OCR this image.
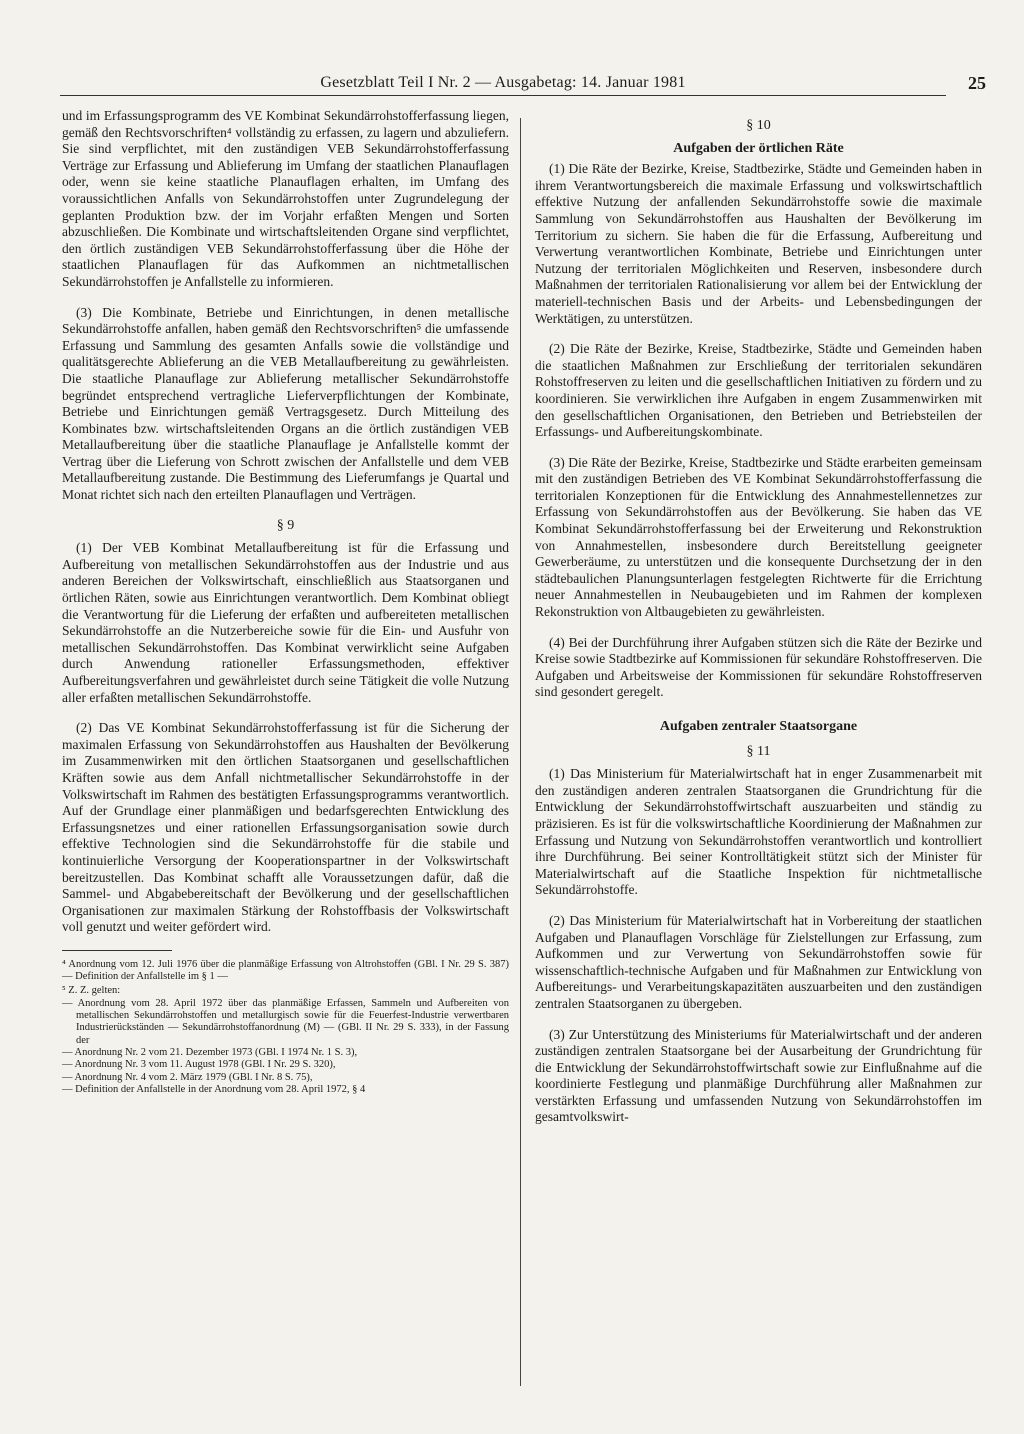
Gesetzblatt Teil I Nr. 2 — Ausgabetag: 14. Januar 1981	25

und im Erfassungsprogramm des VE Kombinat Sekundärrohstofferfassung liegen, gemäß den Rechtsvorschriften⁴ vollständig zu erfassen, zu lagern und abzuliefern. Sie sind verpflichtet, mit den zuständigen VEB Sekundärrohstofferfassung Verträge zur Erfassung und Ablieferung im Umfang der staatlichen Planauflagen oder, wenn sie keine staatliche Planauflagen erhalten, im Umfang des voraussichtlichen Anfalls von Sekundärrohstoffen unter Zugrundelegung der geplanten Produktion bzw. der im Vorjahr erfaßten Mengen und Sorten abzuschließen. Die Kombinate und wirtschaftsleitenden Organe sind verpflichtet, den örtlich zuständigen VEB Sekundärrohstofferfassung über die Höhe der staatlichen Planauflagen für das Aufkommen an nichtmetallischen Sekundärrohstoffen je Anfallstelle zu informieren.

(3) Die Kombinate, Betriebe und Einrichtungen, in denen metallische Sekundärrohstoffe anfallen, haben gemäß den Rechtsvorschriften⁵ die umfassende Erfassung und Sammlung des gesamten Anfalls sowie die vollständige und qualitätsgerechte Ablieferung an die VEB Metallaufbereitung zu gewährleisten. Die staatliche Planauflage zur Ablieferung metallischer Sekundärrohstoffe begründet entsprechend vertragliche Lieferverpflichtungen der Kombinate, Betriebe und Einrichtungen gemäß Vertragsgesetz. Durch Mitteilung des Kombinates bzw. wirtschaftsleitenden Organs an die örtlich zuständigen VEB Metallaufbereitung über die staatliche Planauflage je Anfallstelle kommt der Vertrag über die Lieferung von Schrott zwischen der Anfallstelle und dem VEB Metallaufbereitung zustande. Die Bestimmung des Lieferumfangs je Quartal und Monat richtet sich nach den erteilten Planauflagen und Verträgen.

§ 9

(1) Der VEB Kombinat Metallaufbereitung ist für die Erfassung und Aufbereitung von metallischen Sekundärrohstoffen aus der Industrie und aus anderen Bereichen der Volkswirtschaft, einschließlich aus Staatsorganen und örtlichen Räten, sowie aus Einrichtungen verantwortlich. Dem Kombinat obliegt die Verantwortung für die Lieferung der erfaßten und aufbereiteten metallischen Sekundärrohstoffe an die Nutzerbereiche sowie für die Ein- und Ausfuhr von metallischen Sekundärrohstoffen. Das Kombinat verwirklicht seine Aufgaben durch Anwendung rationeller Erfassungsmethoden, effektiver Aufbereitungsverfahren und gewährleistet durch seine Tätigkeit die volle Nutzung aller erfaßten metallischen Sekundärrohstoffe.

(2) Das VE Kombinat Sekundärrohstofferfassung ist für die Sicherung der maximalen Erfassung von Sekundärrohstoffen aus Haushalten der Bevölkerung im Zusammenwirken mit den örtlichen Staatsorganen und gesellschaftlichen Kräften sowie aus dem Anfall nichtmetallischer Sekundärrohstoffe in der Volkswirtschaft im Rahmen des bestätigten Erfassungsprogramms verantwortlich. Auf der Grundlage einer planmäßigen und bedarfsgerechten Entwicklung des Erfassungsnetzes und einer rationellen Erfassungsorganisation sowie durch effektive Technologien sind die Sekundärrohstoffe für die stabile und kontinuierliche Versorgung der Kooperationspartner in der Volkswirtschaft bereitzustellen. Das Kombinat schafft alle Voraussetzungen dafür, daß die Sammel- und Abgabebereitschaft der Bevölkerung und der gesellschaftlichen Organisationen zur maximalen Stärkung der Rohstoffbasis der Volkswirtschaft voll genutzt und weiter gefördert wird.

⁴ Anordnung vom 12. Juli 1976 über die planmäßige Erfassung von Altrohstoffen (GBl. I Nr. 29 S. 387) — Definition der Anfallstelle im § 1 —
⁵ Z. Z. gelten:
— Anordnung vom 28. April 1972 über das planmäßige Erfassen, Sammeln und Aufbereiten von metallischen Sekundärrohstoffen und metallurgisch sowie für die Feuerfest-Industrie verwertbaren Industrierückständen — Sekundärrohstoffanordnung (M) — (GBl. II Nr. 29 S. 333), in der Fassung der
— Anordnung Nr. 2 vom 21. Dezember 1973 (GBl. I 1974 Nr. 1 S. 3),
— Anordnung Nr. 3 vom 11. August 1978 (GBl. I Nr. 29 S. 320),
— Anordnung Nr. 4 vom 2. März 1979 (GBl. I Nr. 8 S. 75),
— Definition der Anfallstelle in der Anordnung vom 28. April 1972, § 4
§ 10
Aufgaben der örtlichen Räte

(1) Die Räte der Bezirke, Kreise, Stadtbezirke, Städte und Gemeinden haben in ihrem Verantwortungsbereich die maximale Erfassung und volkswirtschaftlich effektive Nutzung der anfallenden Sekundärrohstoffe sowie die maximale Sammlung von Sekundärrohstoffen aus Haushalten der Bevölkerung im Territorium zu sichern. Sie haben die für die Erfassung, Aufbereitung und Verwertung verantwortlichen Kombinate, Betriebe und Einrichtungen unter Nutzung der territorialen Möglichkeiten und Reserven, insbesondere durch Maßnahmen der territorialen Rationalisierung vor allem bei der Entwicklung der materiell-technischen Basis und der Arbeits- und Lebensbedingungen der Werktätigen, zu unterstützen.

(2) Die Räte der Bezirke, Kreise, Stadtbezirke, Städte und Gemeinden haben die staatlichen Maßnahmen zur Erschließung der territorialen sekundären Rohstoffreserven zu leiten und die gesellschaftlichen Initiativen zu fördern und zu koordinieren. Sie verwirklichen ihre Aufgaben in engem Zusammenwirken mit den gesellschaftlichen Organisationen, den Betrieben und Betriebsteilen der Erfassungs- und Aufbereitungskombinate.

(3) Die Räte der Bezirke, Kreise, Stadtbezirke und Städte erarbeiten gemeinsam mit den zuständigen Betrieben des VE Kombinat Sekundärrohstofferfassung die territorialen Konzeptionen für die Entwicklung des Annahmestellennetzes zur Erfassung von Sekundärrohstoffen aus der Bevölkerung. Sie haben das VE Kombinat Sekundärrohstofferfassung bei der Erweiterung und Rekonstruktion von Annahmestellen, insbesondere durch Bereitstellung geeigneter Gewerberäume, zu unterstützen und die konsequente Durchsetzung der in den städtebaulichen Planungsunterlagen festgelegten Richtwerte für die Errichtung neuer Annahmestellen in Neubaugebieten und im Rahmen der komplexen Rekonstruktion von Altbaugebieten zu gewährleisten.

(4) Bei der Durchführung ihrer Aufgaben stützen sich die Räte der Bezirke und Kreise sowie Stadtbezirke auf Kommissionen für sekundäre Rohstoffreserven. Die Aufgaben und Arbeitsweise der Kommissionen für sekundäre Rohstoffreserven sind gesondert geregelt.

Aufgaben zentraler Staatsorgane
§ 11

(1) Das Ministerium für Materialwirtschaft hat in enger Zusammenarbeit mit den zuständigen anderen zentralen Staatsorganen die Grundrichtung für die Entwicklung der Sekundärrohstoffwirtschaft auszuarbeiten und ständig zu präzisieren. Es ist für die volkswirtschaftliche Koordinierung der Maßnahmen zur Erfassung und Nutzung von Sekundärrohstoffen verantwortlich und kontrolliert ihre Durchführung. Bei seiner Kontrolltätigkeit stützt sich der Minister für Materialwirtschaft auf die Staatliche Inspektion für nichtmetallische Sekundärrohstoffe.

(2) Das Ministerium für Materialwirtschaft hat in Vorbereitung der staatlichen Aufgaben und Planauflagen Vorschläge für Zielstellungen zur Erfassung, zum Aufkommen und zur Verwertung von Sekundärrohstoffen sowie für wissenschaftlich-technische Aufgaben und für Maßnahmen zur Entwicklung von Aufbereitungs- und Verarbeitungskapazitäten auszuarbeiten und den zuständigen zentralen Staatsorganen zu übergeben.

(3) Zur Unterstützung des Ministeriums für Materialwirtschaft und der anderen zuständigen zentralen Staatsorgane bei der Ausarbeitung der Grundrichtung für die Entwicklung der Sekundärrohstoffwirtschaft sowie zur Einflußnahme auf die koordinierte Festlegung und planmäßige Durchführung aller Maßnahmen zur verstärkten Erfassung und umfassenden Nutzung von Sekundärrohstoffen im gesamtvolkswirt-
